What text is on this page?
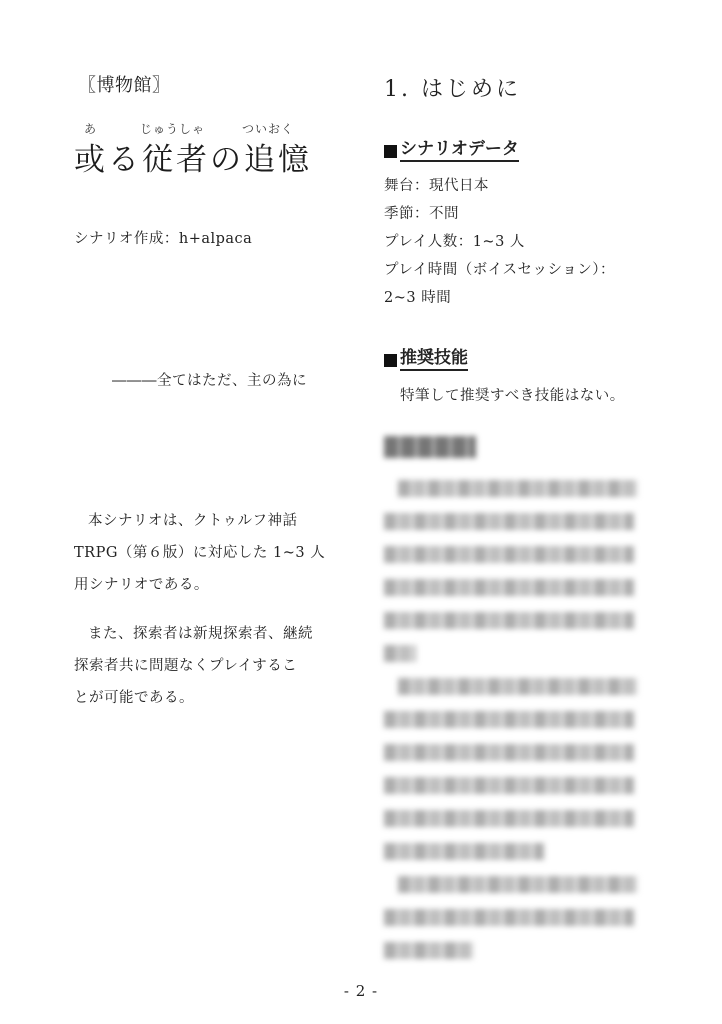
〖博物館〗
あ	じゅうしゃ	ついおく
或る従者の追憶
シナリオ作成：h+alpaca
―――全てはただ、主の為に
本シナリオは、クトゥルフ神話
TRPG（第６版）に対応した 1~3 人
用シナリオである。
また、探索者は新規探索者、継続
探索者共に問題なくプレイするこ
とが可能である。
1. はじめに
シナリオデータ
舞台：現代日本
季節：不問
プレイ人数：1~3 人
プレイ時間（ボイスセッション）：
2~3 時間
推奨技能
特筆して推奨すべき技能はない。
- 2 -
